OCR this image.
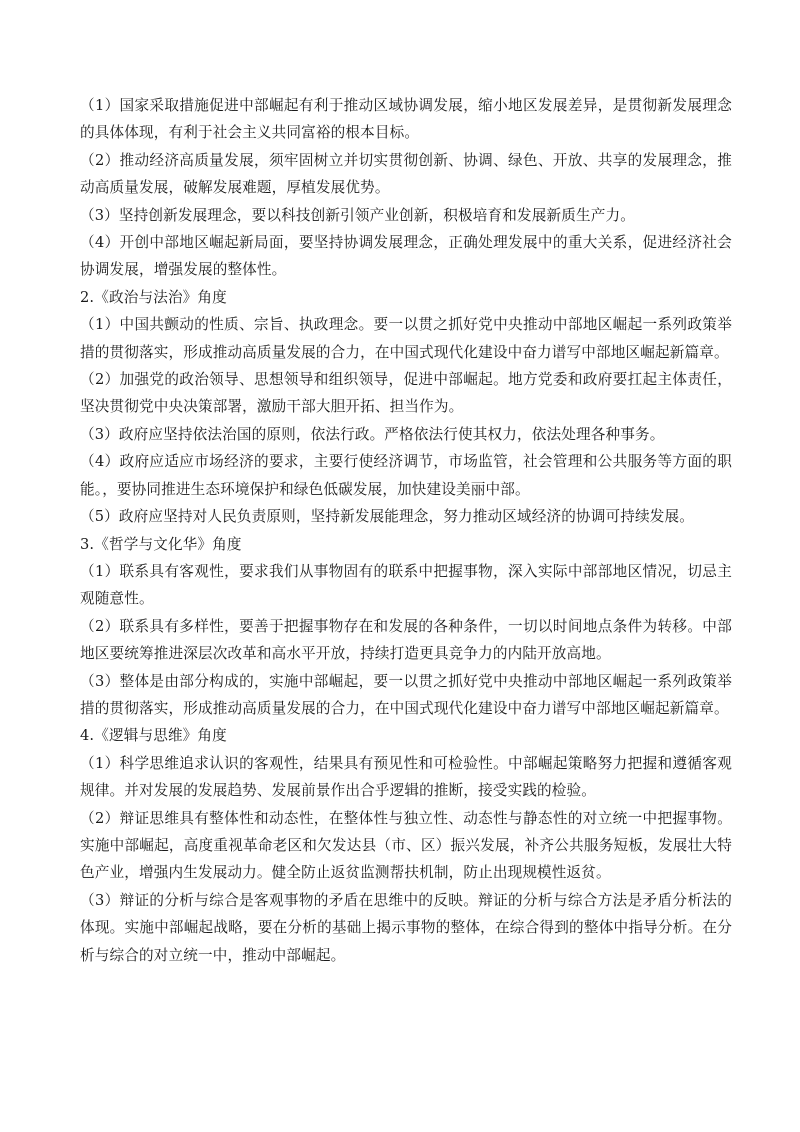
（1）国家采取措施促进中部崛起有利于推动区域协调发展，缩小地区发展差异，是贯彻新发展理念的具体体现，有利于社会主义共同富裕的根本目标。

（2）推动经济高质量发展，须牢固树立并切实贯彻创新、协调、绿色、开放、共享的发展理念，推动高质量发展，破解发展难题，厚植发展优势。

（3）坚持创新发展理念，要以科技创新引领产业创新，积极培育和发展新质生产力。

（4）开创中部地区崛起新局面，要坚持协调发展理念，正确处理发展中的重大关系，促进经济社会协调发展，增强发展的整体性。

2.《政治与法治》角度

（1）中国共颤动的性质、宗旨、执政理念。要一以贯之抓好党中央推动中部地区崛起一系列政策举措的贯彻落实，形成推动高质量发展的合力，在中国式现代化建设中奋力谱写中部地区崛起新篇章。

（2）加强党的政治领导、思想领导和组织领导，促进中部崛起。地方党委和政府要扛起主体责任，坚决贯彻党中央决策部署，激励干部大胆开拓、担当作为。

（3）政府应坚持依法治国的原则，依法行政。严格依法行使其权力，依法处理各种事务。

（4）政府应适应市场经济的要求，主要行使经济调节，市场监管，社会管理和公共服务等方面的职能。，要协同推进生态环境保护和绿色低碳发展，加快建设美丽中部。

（5）政府应坚持对人民负责原则，坚持新发展能理念，努力推动区域经济的协调可持续发展。

3.《哲学与文化华》角度

（1）联系具有客观性，要求我们从事物固有的联系中把握事物，深入实际中部部地区情况，切忌主观随意性。

（2）联系具有多样性，要善于把握事物存在和发展的各种条件，一切以时间地点条件为转移。中部地区要统筹推进深层次改革和高水平开放，持续打造更具竞争力的内陆开放高地。

（3）整体是由部分构成的，实施中部崛起，要一以贯之抓好党中央推动中部地区崛起一系列政策举措的贯彻落实，形成推动高质量发展的合力，在中国式现代化建设中奋力谱写中部地区崛起新篇章。

4.《逻辑与思维》角度

（1）科学思维追求认识的客观性，结果具有预见性和可检验性。中部崛起策略努力把握和遵循客观规律。并对发展的发展趋势、发展前景作出合乎逻辑的推断，接受实践的检验。

（2）辩证思维具有整体性和动态性，在整体性与独立性、动态性与静态性的对立统一中把握事物。实施中部崛起，高度重视革命老区和欠发达县（市、区）振兴发展，补齐公共服务短板，发展壮大特色产业，增强内生发展动力。健全防止返贫监测帮扶机制，防止出现规模性返贫。

（3）辩证的分析与综合是客观事物的矛盾在思维中的反映。辩证的分析与综合方法是矛盾分析法的体现。实施中部崛起战略，要在分析的基础上揭示事物的整体，在综合得到的整体中指导分析。在分析与综合的对立统一中，推动中部崛起。
